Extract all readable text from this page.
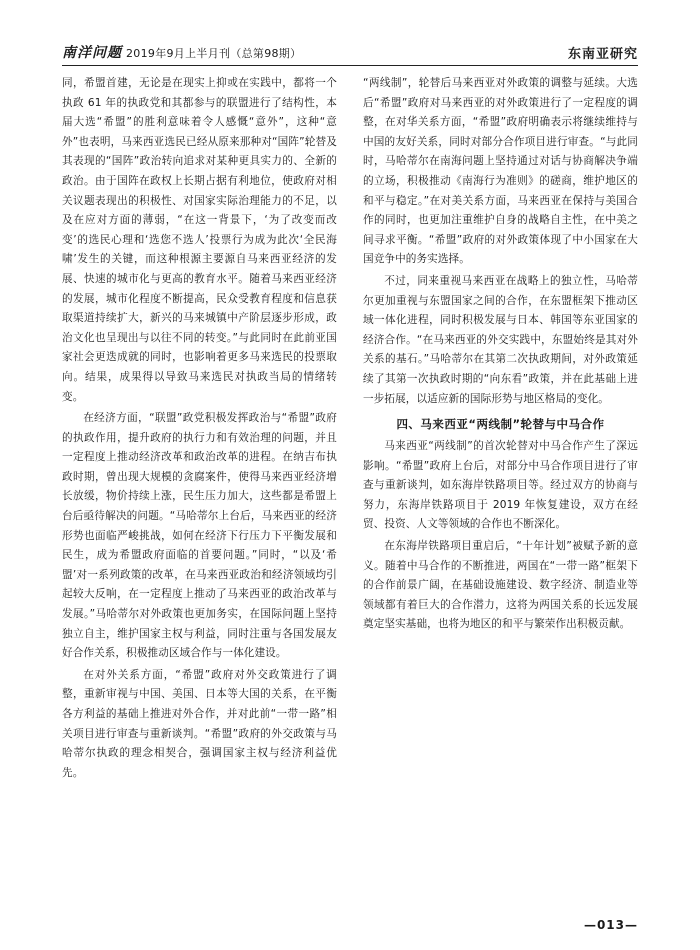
南洋问题 2019年9月上半月刊（总第98期）	东南亚研究

同，希盟首建，无论是在现实上抑或在实践中，都将一个执政 61 年的执政党和其都参与的联盟进行了结构性，本届大选“希盟”的胜利意味着令人感慨“意外”，这种“意外”也表明，马来西亚选民已经从原来那种对“国阵”轮替及其表现的“国阵”政治转向追求对某种更具实力的、全新的政治。由于国阵在政权上长期占据有利地位，使政府对相关议题表现出的积极性、对国家实际治理能力的不足，以及在应对方面的薄弱，“在这一背景下，‘为了改变而改变’的选民心理和‘选您不选人’投票行为成为此次‘全民海啸’发生的关键，而这种根源主要源自马来西亚经济的发展、快速的城市化与更高的教育水平。随着马来西亚经济的发展，城市化程度不断提高，民众受教育程度和信息获取渠道持续扩大，新兴的马来城镇中产阶层逐步形成，政治文化也呈现出与以往不同的转变。”与此同时在此前亚国家社会更迭成就的同时，也影响着更多马来选民的投票取向。结果，成果得以导致马来选民对执政当局的情绪转变。

在经济方面，“联盟”政党积极发挥政治与“希盟”政府的执政作用，提升政府的执行力和有效治理的问题，并且一定程度上推动经济改革和政治改革的进程。在纳吉布执政时期，曾出现大规模的贪腐案件，使得马来西亚经济增长放缓，物价持续上涨，民生压力加大，这些都是希盟上台后亟待解决的问题。“马哈蒂尔上台后，马来西亚的经济形势也面临严峻挑战，如何在经济下行压力下平衡发展和民生，成为希盟政府面临的首要问题。”同时，“以及‘希盟’对一系列政策的改革，在马来西亚政治和经济领域均引起较大反响，在一定程度上推动了马来西亚的政治改革与发展。”马哈蒂尔对外政策也更加务实，在国际问题上坚持独立自主，维护国家主权与利益，同时注重与各国发展友好合作关系，积极推动区域合作与一体化建设。

在对外关系方面，“希盟”政府对外交政策进行了调整，重新审视与中国、美国、日本等大国的关系，在平衡各方利益的基础上推进对外合作，并对此前“一带一路”相关项目进行审查与重新谈判。“希盟”政府的外交政策与马哈蒂尔执政的理念相契合，强调国家主权与经济利益优先。

“两线制”，轮替后马来西亚对外政策的调整与延续。大选后“希盟”政府对马来西亚的对外政策进行了一定程度的调整，在对华关系方面，“希盟”政府明确表示将继续维持与中国的友好关系，同时对部分合作项目进行审查。“与此同时，马哈蒂尔在南海问题上坚持通过对话与协商解决争端的立场，积极推动《南海行为准则》的磋商，维护地区的和平与稳定。”在对美关系方面，马来西亚在保持与美国合作的同时，也更加注重维护自身的战略自主性，在中美之间寻求平衡。“希盟”政府的对外政策体现了中小国家在大国竞争中的务实选择。

不过，同来重视马来西亚在战略上的独立性，马哈蒂尔更加重视与东盟国家之间的合作，在东盟框架下推动区域一体化进程，同时积极发展与日本、韩国等东亚国家的经济合作。“在马来西亚的外交实践中，东盟始终是其对外关系的基石。”马哈蒂尔在其第二次执政期间，对外政策延续了其第一次执政时期的“向东看”政策，并在此基础上进一步拓展，以适应新的国际形势与地区格局的变化。

四、马来西亚“两线制”轮替与中马合作

马来西亚“两线制”的首次轮替对中马合作产生了深远影响。“希盟”政府上台后，对部分中马合作项目进行了审查与重新谈判，如东海岸铁路项目等。经过双方的协商与努力，东海岸铁路项目于 2019 年恢复建设，双方在经贸、投资、人文等领域的合作也不断深化。

在东海岸铁路项目重启后，“十年计划”被赋予新的意义。随着中马合作的不断推进，两国在“一带一路”框架下的合作前景广阔，在基础设施建设、数字经济、制造业等领域都有着巨大的合作潜力，这将为两国关系的长远发展奠定坚实基础，也将为地区的和平与繁荣作出积极贡献。

—013—
